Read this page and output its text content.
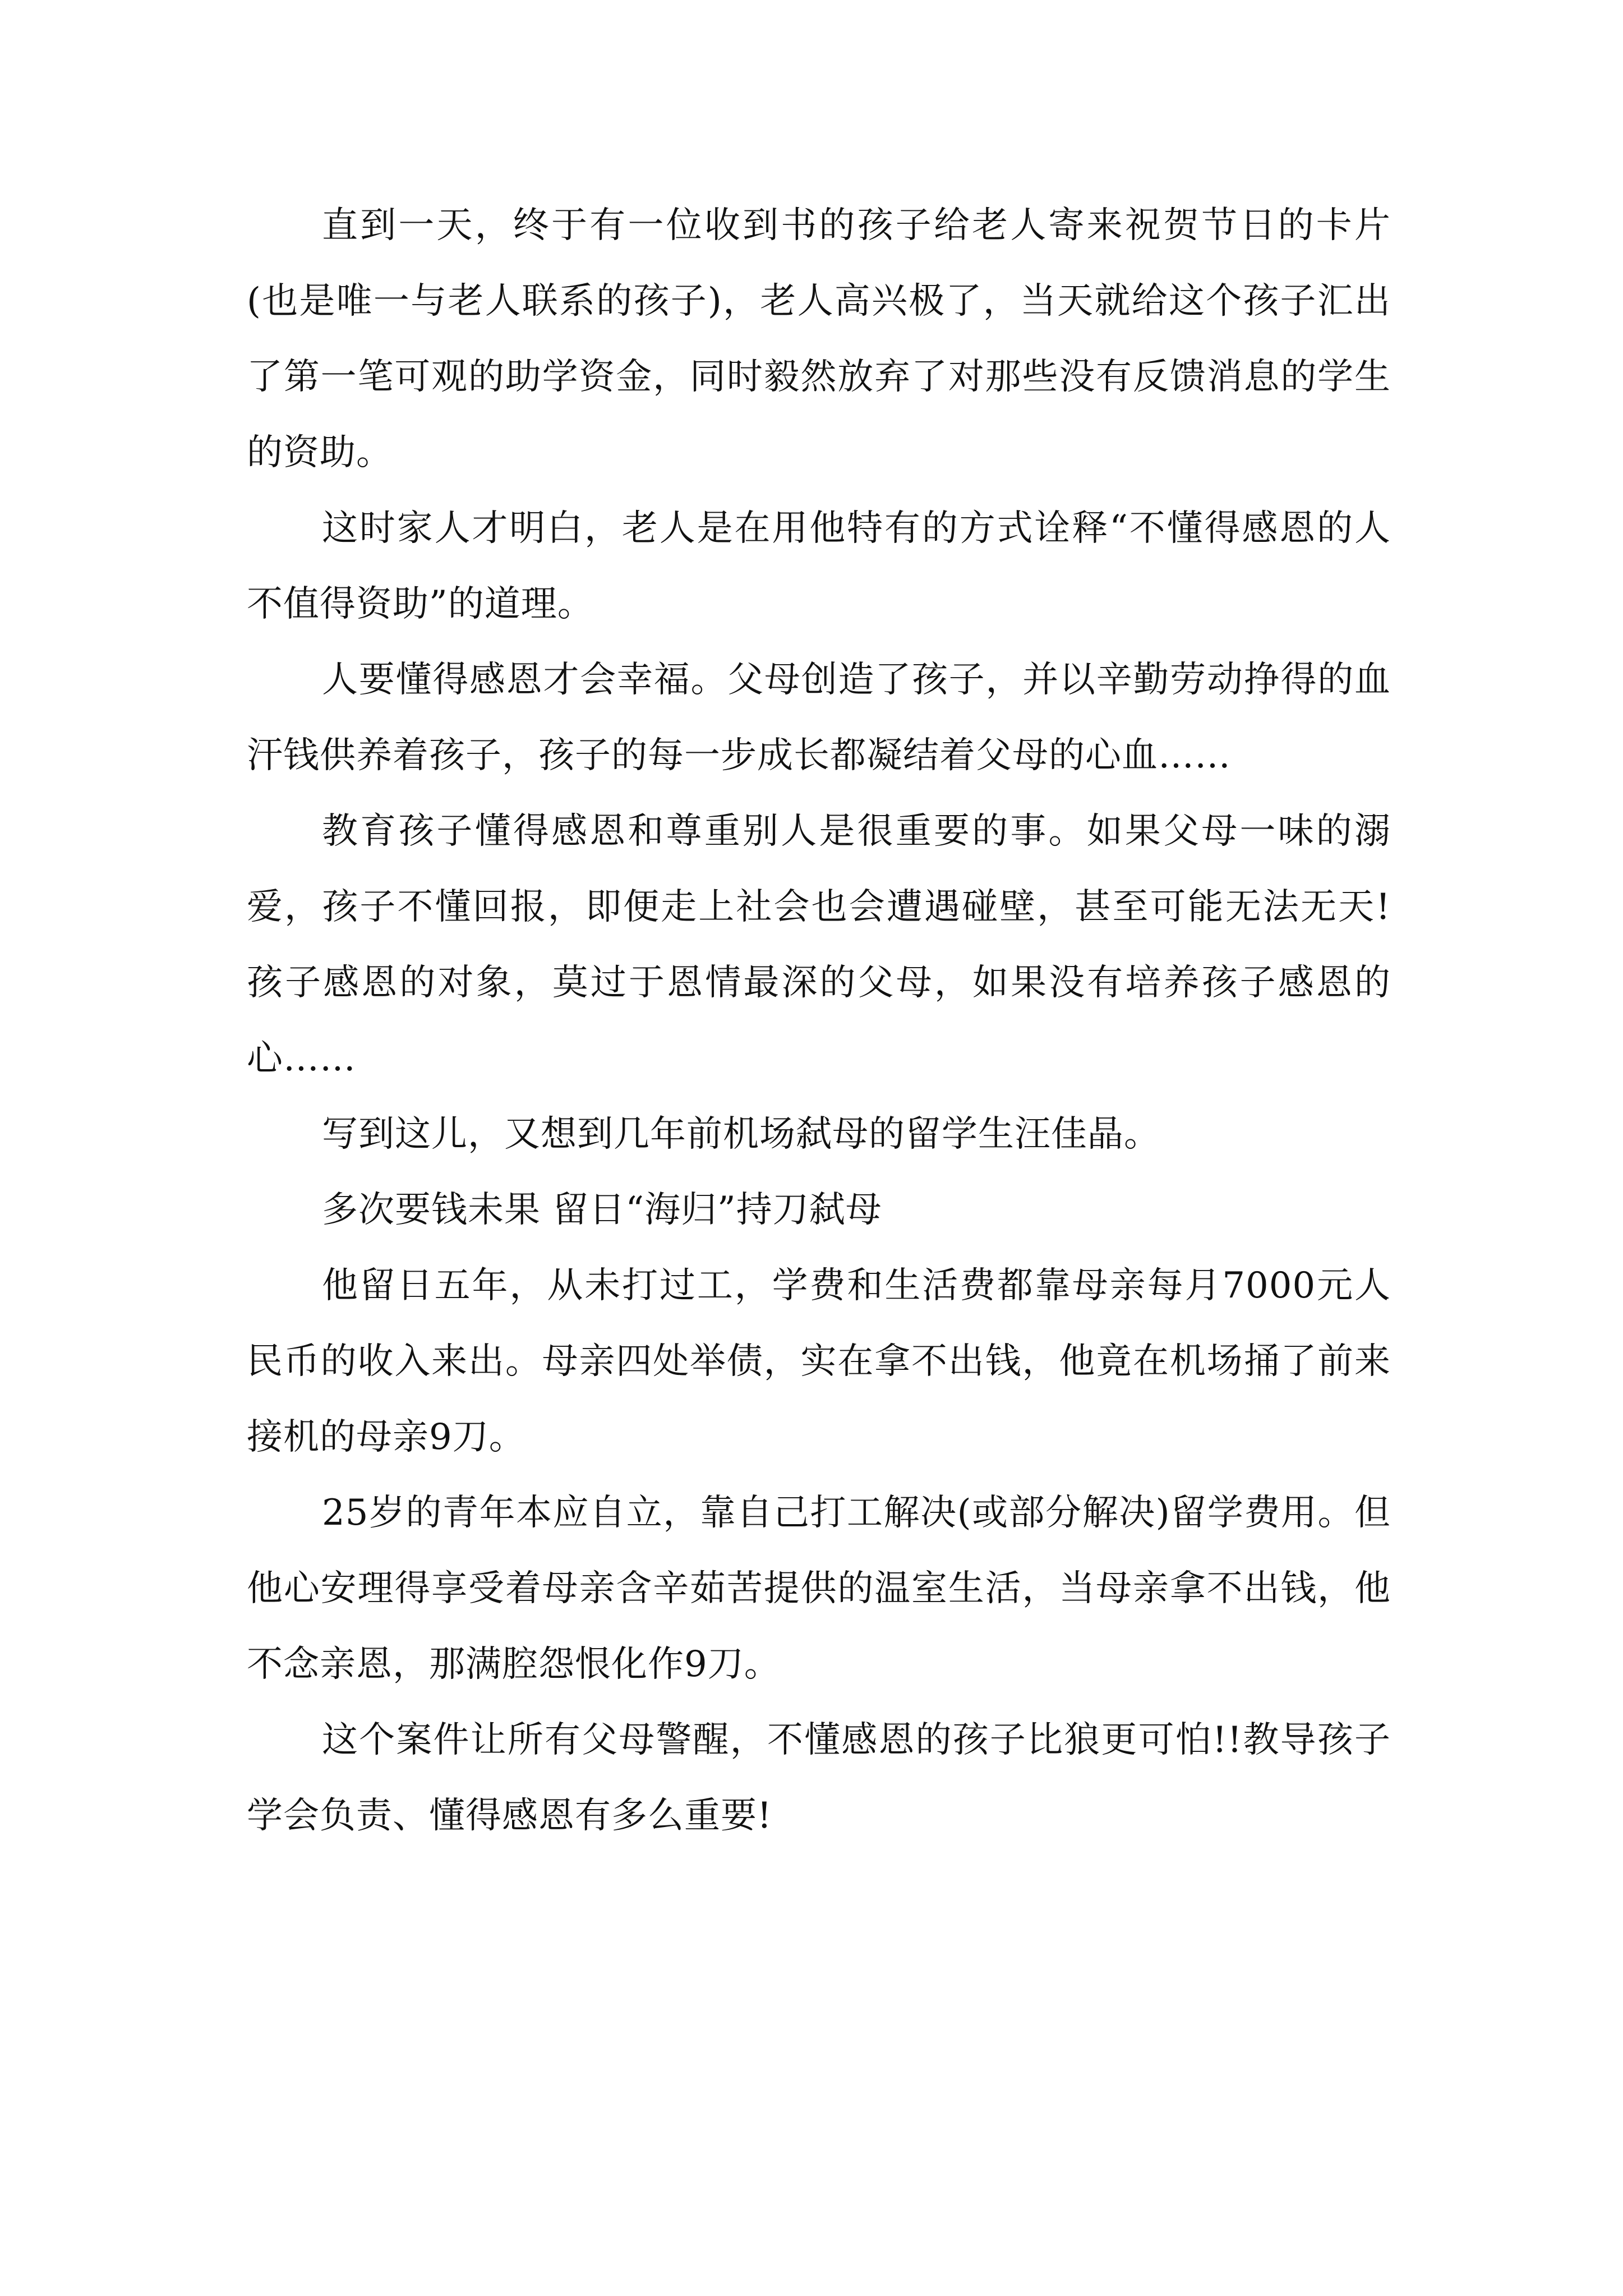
直到一天，终于有一位收到书的孩子给老人寄来祝贺节日的卡片(也是唯一与老人联系的孩子)，老人高兴极了，当天就给这个孩子汇出了第一笔可观的助学资金，同时毅然放弃了对那些没有反馈消息的学生的资助。

这时家人才明白，老人是在用他特有的方式诠释“不懂得感恩的人不值得资助”的道理。

人要懂得感恩才会幸福。父母创造了孩子，并以辛勤劳动挣得的血汗钱供养着孩子，孩子的每一步成长都凝结着父母的心血……

教育孩子懂得感恩和尊重别人是很重要的事。如果父母一味的溺爱，孩子不懂回报，即便走上社会也会遭遇碰壁，甚至可能无法无天!孩子感恩的对象，莫过于恩情最深的父母，如果没有培养孩子感恩的心……

写到这儿，又想到几年前机场弑母的留学生汪佳晶。

多次要钱未果 留日“海归”持刀弑母

他留日五年，从未打过工，学费和生活费都靠母亲每月7000元人民币的收入来出。母亲四处举债，实在拿不出钱，他竟在机场捅了前来接机的母亲9刀。

25岁的青年本应自立，靠自己打工解决(或部分解决)留学费用。但他心安理得享受着母亲含辛茹苦提供的温室生活，当母亲拿不出钱，他不念亲恩，那满腔怨恨化作9刀。

这个案件让所有父母警醒，不懂感恩的孩子比狼更可怕!!教导孩子学会负责、懂得感恩有多么重要!
